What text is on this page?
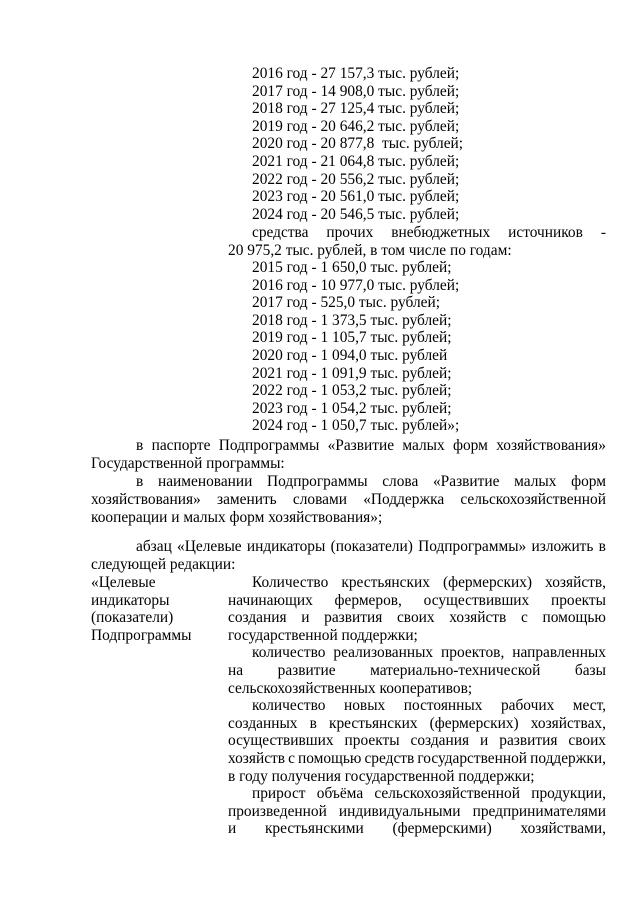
2016 год - 27 157,3 тыс. рублей;
2017 год - 14 908,0 тыс. рублей;
2018 год - 27 125,4 тыс. рублей;
2019 год - 20 646,2 тыс. рублей;
2020 год - 20 877,8  тыс. рублей;
2021 год - 21 064,8 тыс. рублей;
2022 год - 20 556,2 тыс. рублей;
2023 год - 20 561,0 тыс. рублей;
2024 год - 20 546,5 тыс. рублей;
средства прочих внебюджетных источников -
20 975,2 тыс. рублей, в том числе по годам:
2015 год - 1 650,0 тыс. рублей;
2016 год - 10 977,0 тыс. рублей;
2017 год - 525,0 тыс. рублей;
2018 год - 1 373,5 тыс. рублей;
2019 год - 1 105,7 тыс. рублей;
2020 год - 1 094,0 тыс. рублей
2021 год - 1 091,9 тыс. рублей;
2022 год - 1 053,2 тыс. рублей;
2023 год - 1 054,2 тыс. рублей;
2024 год - 1 050,7 тыс. рублей»;
в паспорте Подпрограммы «Развитие малых форм хозяйствования»
Государственной программы:
в наименовании Подпрограммы слова «Развитие малых форм
хозяйствования» заменить словами «Поддержка сельскохозяйственной
кооперации и малых форм хозяйствования»;
абзац «Целевые индикаторы (показатели) Подпрограммы» изложить в
следующей редакции:
«Целевые
индикаторы
(показатели)
Подпрограммы
Количество крестьянских (фермерских) хозяйств,
начинающих фермеров, осуществивших проекты
создания и развития своих хозяйств с помощью
государственной поддержки;
количество реализованных проектов, направленных
на развитие материально-технической базы
сельскохозяйственных кооперативов;
количество новых постоянных рабочих мест,
созданных в крестьянских (фермерских) хозяйствах,
осуществивших проекты создания и развития своих
хозяйств с помощью средств государственной поддержки,
в году получения государственной поддержки;
прирост объёма сельскохозяйственной продукции,
произведенной индивидуальными предпринимателями
и крестьянскими (фермерскими) хозяйствами,
